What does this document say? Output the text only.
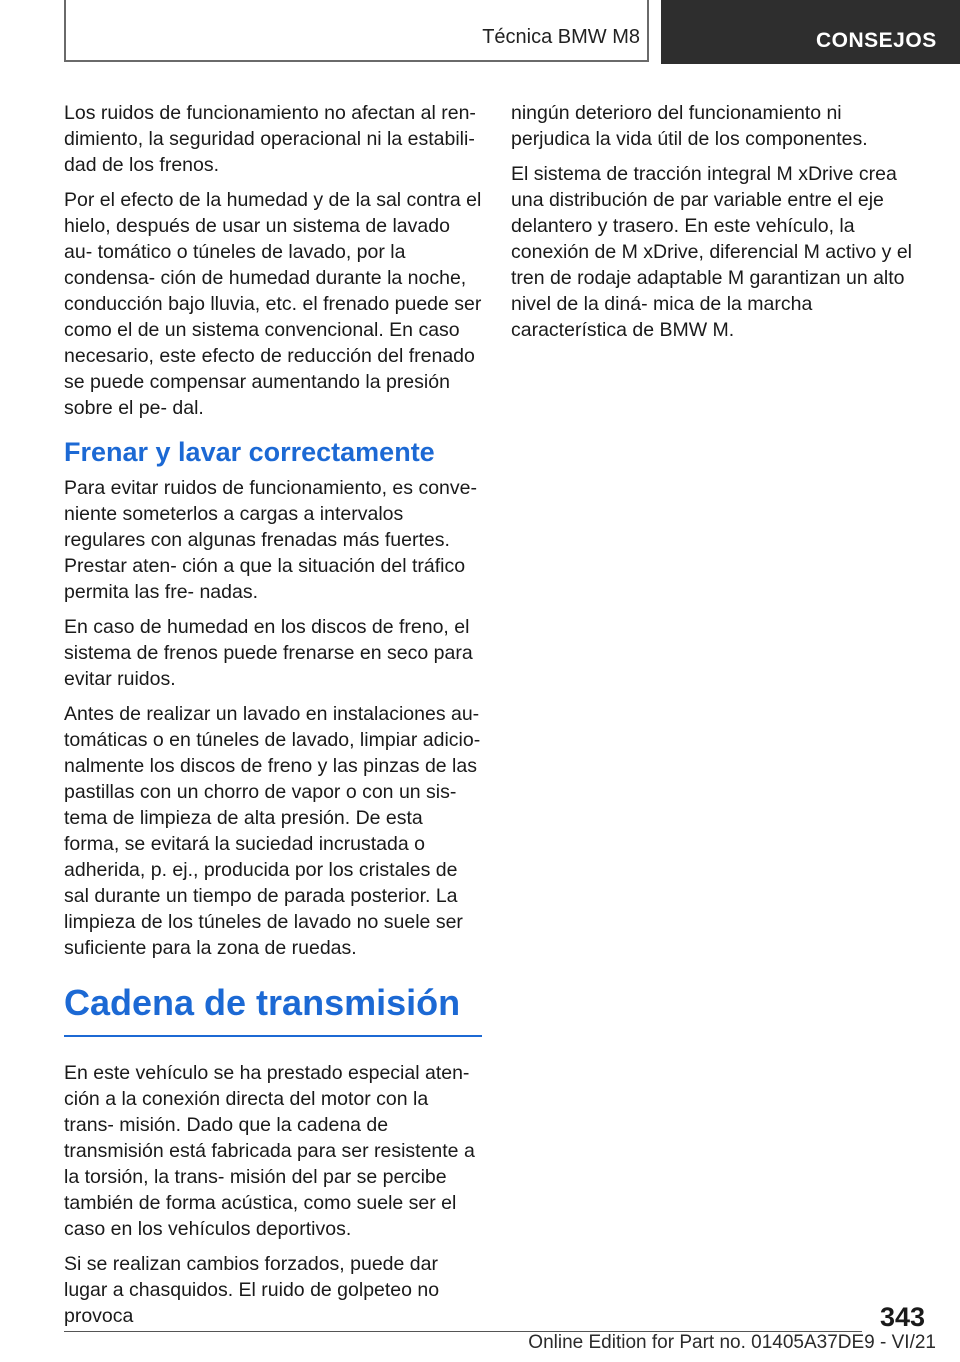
Técnica BMW M8	CONSEJOS

Los ruidos de funcionamiento no afectan al ren- dimiento, la seguridad operacional ni la estabili- dad de los frenos.

Por el efecto de la humedad y de la sal contra el hielo, después de usar un sistema de lavado au- tomático o túneles de lavado, por la condensa- ción de humedad durante la noche, conducción bajo lluvia, etc. el frenado puede ser como el de un sistema convencional. En caso necesario, este efecto de reducción del frenado se puede compensar aumentando la presión sobre el pe- dal.

Frenar y lavar correctamente

Para evitar ruidos de funcionamiento, es conve- niente someterlos a cargas a intervalos regulares con algunas frenadas más fuertes. Prestar aten- ción a que la situación del tráfico permita las fre- nadas.

En caso de humedad en los discos de freno, el sistema de frenos puede frenarse en seco para evitar ruidos.

Antes de realizar un lavado en instalaciones au- tomáticas o en túneles de lavado, limpiar adicio- nalmente los discos de freno y las pinzas de las pastillas con un chorro de vapor o con un sis- tema de limpieza de alta presión. De esta forma, se evitará la suciedad incrustada o adherida, p. ej., producida por los cristales de sal durante un tiempo de parada posterior. La limpieza de los túneles de lavado no suele ser suficiente para la zona de ruedas.

Cadena de transmisión

En este vehículo se ha prestado especial aten- ción a la conexión directa del motor con la trans- misión. Dado que la cadena de transmisión está fabricada para ser resistente a la torsión, la trans- misión del par se percibe también de forma acústica, como suele ser el caso en los vehículos deportivos.

Si se realizan cambios forzados, puede dar lugar a chasquidos. El ruido de golpeteo no provoca

ningún deterioro del funcionamiento ni perjudica la vida útil de los componentes.

El sistema de tracción integral M xDrive crea una distribución de par variable entre el eje delantero y trasero. En este vehículo, la conexión de M xDrive, diferencial M activo y el tren de rodaje adaptable M garantizan un alto nivel de la diná- mica de la marcha característica de BMW M.

343
Online Edition for Part no. 01405A37DE9 - VI/21
